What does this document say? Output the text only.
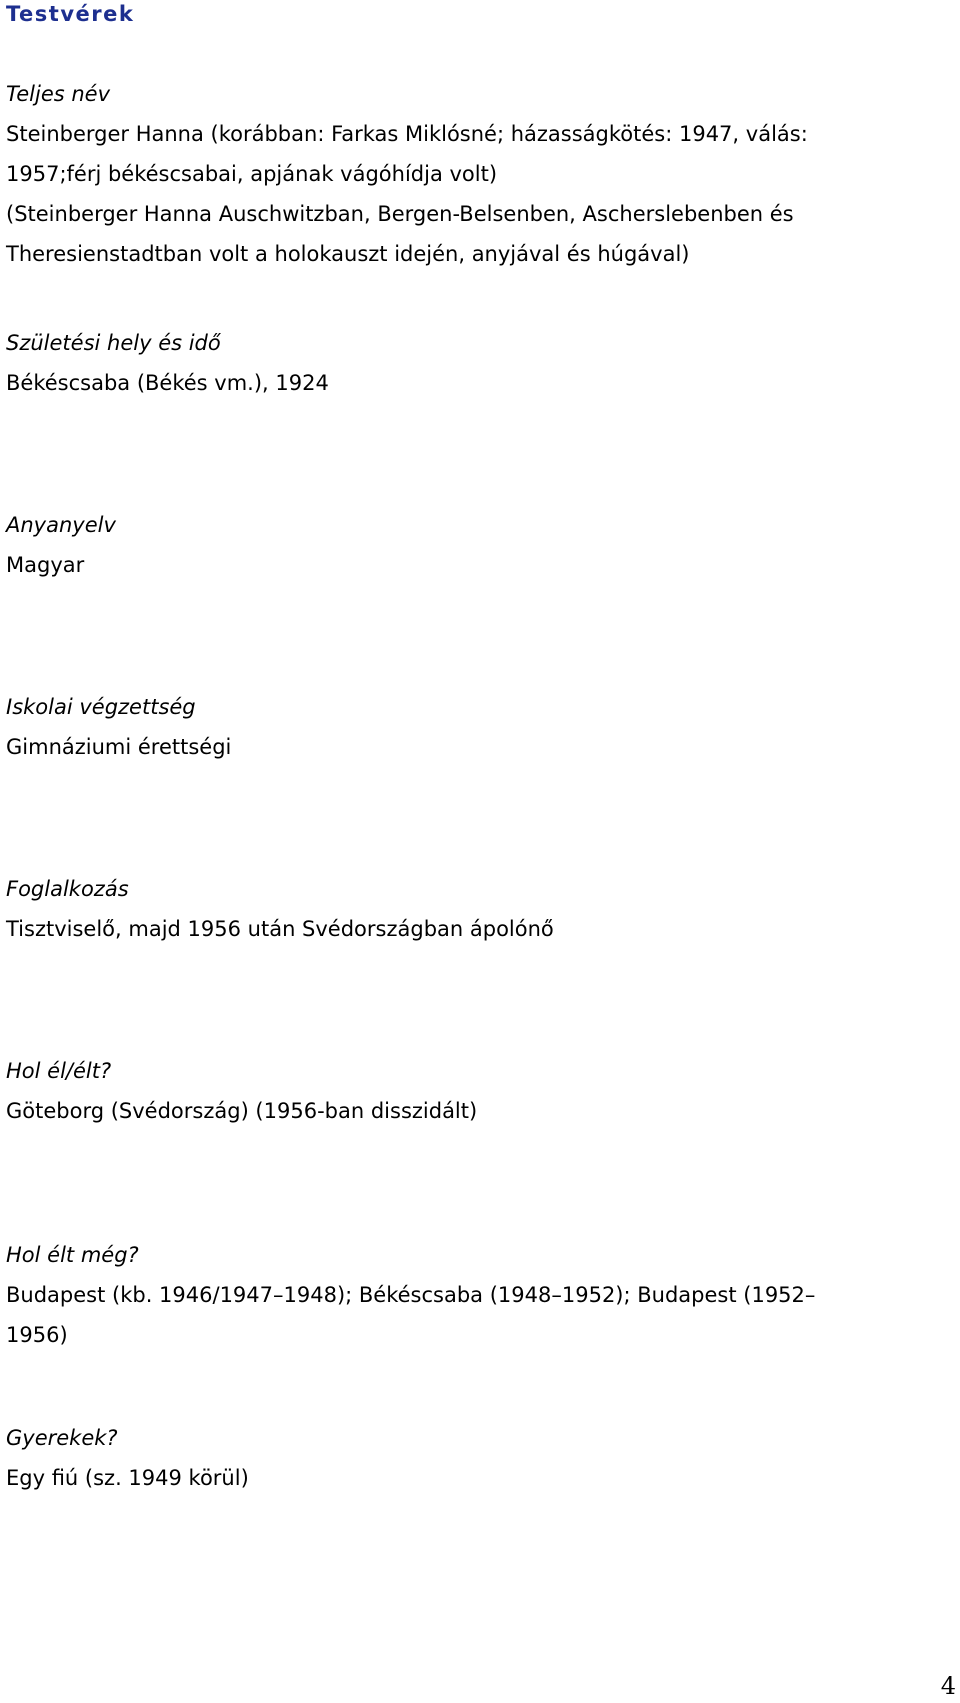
Testvérek

Teljes név

Steinberger Hanna (korábban: Farkas Miklósné; házasságkötés: 1947, válás:

1957;férj békéscsabai, apjának vágóhídja volt)

(Steinberger Hanna Auschwitzban, Bergen-Belsenben, Ascherslebenben és

Theresienstadtban volt a holokauszt idején, anyjával és húgával)

Születési hely és idő

Békéscsaba (Békés vm.), 1924

Anyanyelv

Magyar

Iskolai végzettség

Gimnáziumi érettségi

Foglalkozás

Tisztviselő, majd 1956 után Svédországban ápolónő

Hol él/élt?

Göteborg (Svédország) (1956-ban disszidált)

Hol élt még?

Budapest (kb. 1946/1947–1948); Békéscsaba (1948–1952); Budapest (1952–

1956)

Gyerekek?

Egy fiú (sz. 1949 körül)

4
